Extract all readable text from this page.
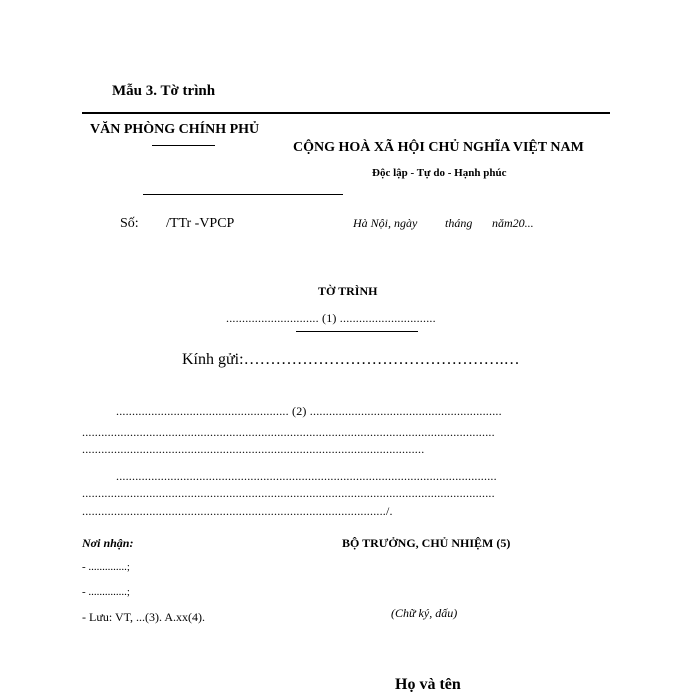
Mẫu 3. Tờ trình
VĂN PHÒNG CHÍNH PHỦ
CỘNG HOÀ XÃ HỘI CHỦ NGHĨA VIỆT NAM
Độc lập - Tự do - Hạnh phúc
Số: /TTr -VPCP	Hà Nội, ngày tháng năm20...
TỜ TRÌNH
............................. (1) ..............................
Kính gửi:………………………………………….…
...................................................... (2) ............................................................
.................................................................................................................................
...........................................................................................................
.......................................................................................................................
.................................................................................................................................
.............................................................................................../.
Nơi nhận:
- ..............;
- ..............;
- Lưu: VT, ...(3). A.xx(4).
BỘ TRƯỞNG, CHỦ NHIỆM (5)
(Chữ ký, dấu)
Họ và tên
